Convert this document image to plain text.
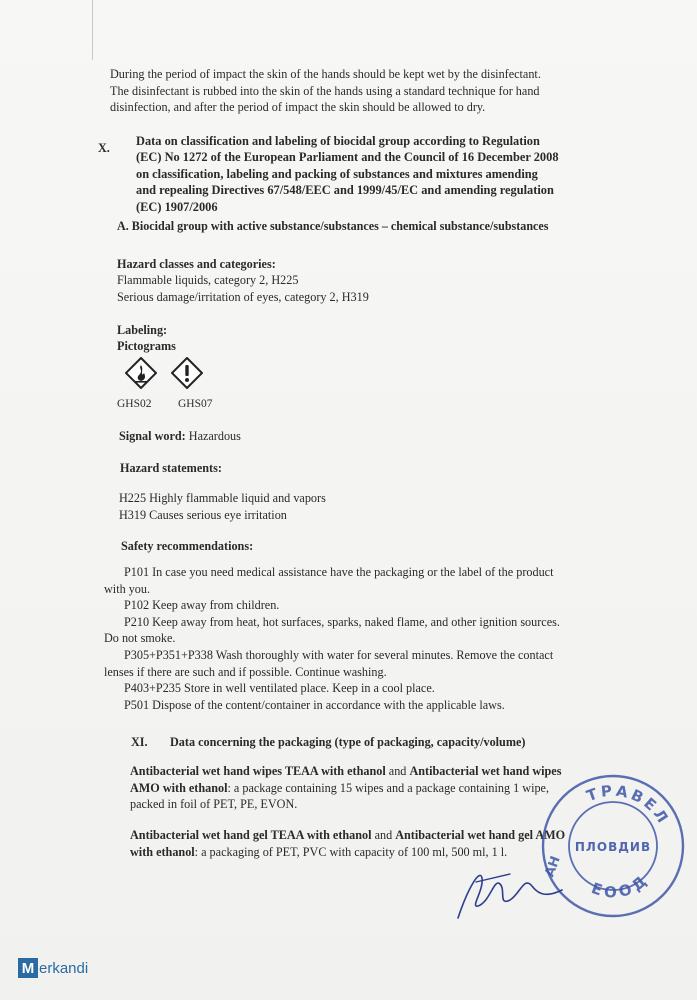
During the period of impact the skin of the hands should be kept wet by the disinfectant.
The disinfectant is rubbed into the skin of the hands using a standard technique for hand
disinfection, and after the period of impact the skin should be allowed to dry.
X. Data on classification and labeling of biocidal group according to Regulation
(EC) No 1272 of the European Parliament and the Council of 16 December 2008
on classification, labeling and packing of substances and mixtures amending
and repealing Directives 67/548/EEC and 1999/45/EC and amending regulation
(EC) 1907/2006
A. Biocidal group with active substance/substances – chemical substance/substances
Hazard classes and categories:
Flammable liquids, category 2, H225
Serious damage/irritation of eyes, category 2, H319
Labeling:
Pictograms
GHS02 GHS07
Signal word: Hazardous
Hazard statements:
H225 Highly flammable liquid and vapors
H319 Causes serious eye irritation
Safety recommendations:
P101 In case you need medical assistance have the packaging or the label of the product
with you.
P102 Keep away from children.
P210 Keep away from heat, hot surfaces, sparks, naked flame, and other ignition sources.
Do not smoke.
P305+P351+P338 Wash thoroughly with water for several minutes. Remove the contact
lenses if there are such and if possible. Continue washing.
P403+P235 Store in well ventilated place. Keep in a cool place.
P501 Dispose of the content/container in accordance with the applicable laws.
XI. Data concerning the packaging (type of packaging, capacity/volume)
Antibacterial wet hand wipes TEAA with ethanol and Antibacterial wet hand wipes
AMO with ethanol: a package containing 15 wipes and a package containing 1 wipe,
packed in foil of PET, PE, EVON.
Antibacterial wet hand gel TEAA with ethanol and Antibacterial wet hand gel AMO
with ethanol: a packaging of PET, PVC with capacity of 100 ml, 500 ml, 1 l.
ТРАВЕЛ
АН
ПЛОВДИВ
ЕООД
M erkandi
